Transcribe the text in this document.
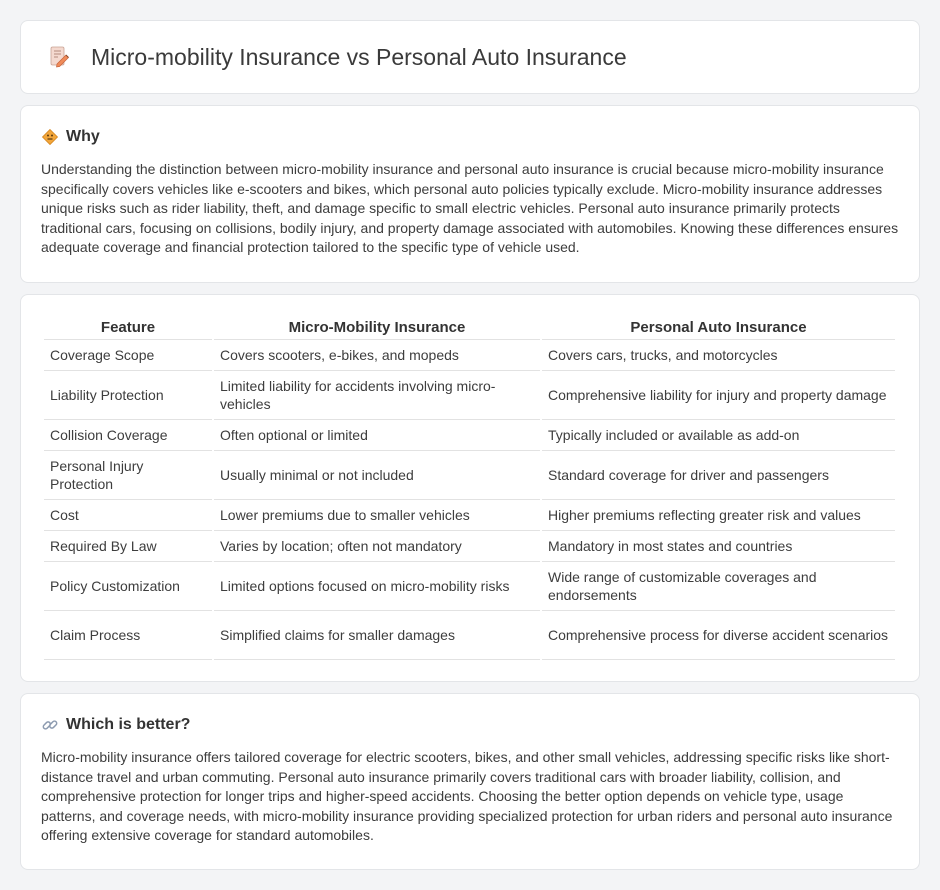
Micro-mobility Insurance vs Personal Auto Insurance
Why

Understanding the distinction between micro-mobility insurance and personal auto insurance is crucial because micro-mobility insurance specifically covers vehicles like e-scooters and bikes, which personal auto policies typically exclude. Micro-mobility insurance addresses unique risks such as rider liability, theft, and damage specific to small electric vehicles. Personal auto insurance primarily protects traditional cars, focusing on collisions, bodily injury, and property damage associated with automobiles. Knowing these differences ensures adequate coverage and financial protection tailored to the specific type of vehicle used.

Feature	Micro-Mobility Insurance	Personal Auto Insurance
Coverage Scope	Covers scooters, e-bikes, and mopeds	Covers cars, trucks, and motorcycles
Liability Protection	Limited liability for accidents involving micro-vehicles	Comprehensive liability for injury and property damage
Collision Coverage	Often optional or limited	Typically included or available as add-on
Personal Injury Protection	Usually minimal or not included	Standard coverage for driver and passengers
Cost	Lower premiums due to smaller vehicles	Higher premiums reflecting greater risk and values
Required By Law	Varies by location; often not mandatory	Mandatory in most states and countries
Policy Customization	Limited options focused on micro-mobility risks	Wide range of customizable coverages and endorsements
Claim Process	Simplified claims for smaller damages	Comprehensive process for diverse accident scenarios
Which is better?

Micro-mobility insurance offers tailored coverage for electric scooters, bikes, and other small vehicles, addressing specific risks like short-distance travel and urban commuting. Personal auto insurance primarily covers traditional cars with broader liability, collision, and comprehensive protection for longer trips and higher-speed accidents. Choosing the better option depends on vehicle type, usage patterns, and coverage needs, with micro-mobility insurance providing specialized protection for urban riders and personal auto insurance offering extensive coverage for standard automobiles.
